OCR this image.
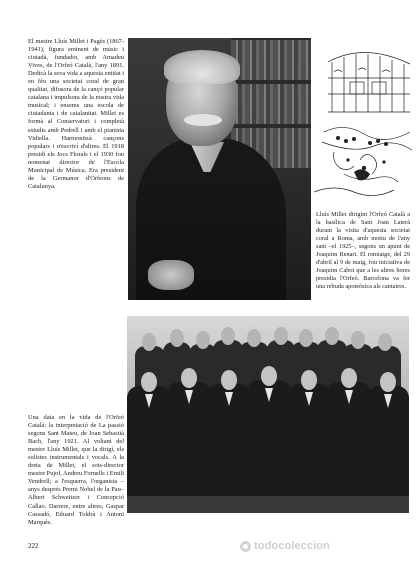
El mestre Lluís Millet i Pagès (1867-1941), figura eminent de músic i ciutadà, fundador, amb Amadeu Vives, de l'Orfeó Català, l'any 1891. Dedicà la seva vida a aquesta entitat i en féu una societat coral de gran qualitat, difusora de la cançó popular catalana i impulsora de la nostra vida musical; i ensems una escola de ciutadania i de catalanitat. Millet es formà al Conservatori i completà estudis amb Pedrell i amb el pianista Vidiella. Harmonitzà cançons populars i n'escriví d'altres. El 1918 presidí els Jocs Florals i el 1930 fou nomenat director de l'Escola Municipal de Música. Era president de la Germanor d'Orfeons de Catalunya.

Lluís Millet dirigint l'Orfeó Català a la basílica de Sant Joan Laterà durant la visita d'aquesta societat coral a Roma, amb motiu de l'any sant –el 1925–, segons un apunt de Joaquim Renart. El romiatge, del 29 d'abril al 9 de maig, fou iniciativa de Joaquim Cabot que a les altres hores presidia l'Orfeó. Barcelona va fer una rebuda apoteòsica als cantaires.

Una data en la vida de l'Orfeó Català: la interpretació de La passió segons Sant Mateu, de Joan Sebastià Bach, l'any 1921. Al voltant del mestre Lluís Millet, que la dirigí, els solistes instrumentals i vocals. A la dreta de Millet, el sots-director mestre Pujol, Andreu Fornells i Emili Vendrell; a l'esquerra, l'organista –anys després Premi Nobel de la Pau– Albert Schweitzer i Concepció Callao. Darrere, entre altres, Gaspar Cassadó, Eduard Toldrà i Antoni Marquès.

222	todocoleccion
